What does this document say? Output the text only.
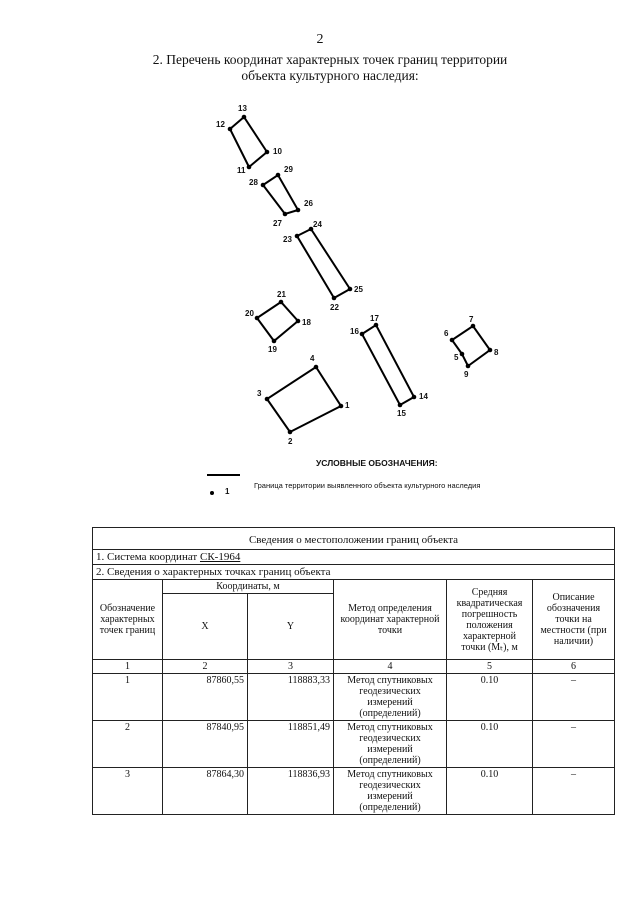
2
2. Перечень координат характерных точек границ территории
объекта культурного наследия:
1
2
3
4	5
6
7
8
9
10
11
12
13
14
15
16
17
18
19
20
21
22
23
24
25
26
27
28
29
УСЛОВНЫЕ ОБОЗНАЧЕНИЯ:
Граница территории выявленного объекта культурного наследия
1
Сведения о местоположении границ объекта					
1. Система координат СК-1964					
2. Сведения о характерных точках границ объекта					
Обозначение характерных точек границ	Координаты, м		Метод определения координат характерной точки	Средняя квадратическая погрешность положения характерной точки (Mₜ), м	Описание обозначения точки на местности (при наличии)
	X	Y			
1	2	3	4	5	6
1	87860,55	118883,33	Метод спутниковых геодезических измерений (определений)	0.10	–
2	87840,95	118851,49	Метод спутниковых геодезических измерений (определений)	0.10	–
3	87864,30	118836,93	Метод спутниковых геодезических измерений (определений)	0.10	–
